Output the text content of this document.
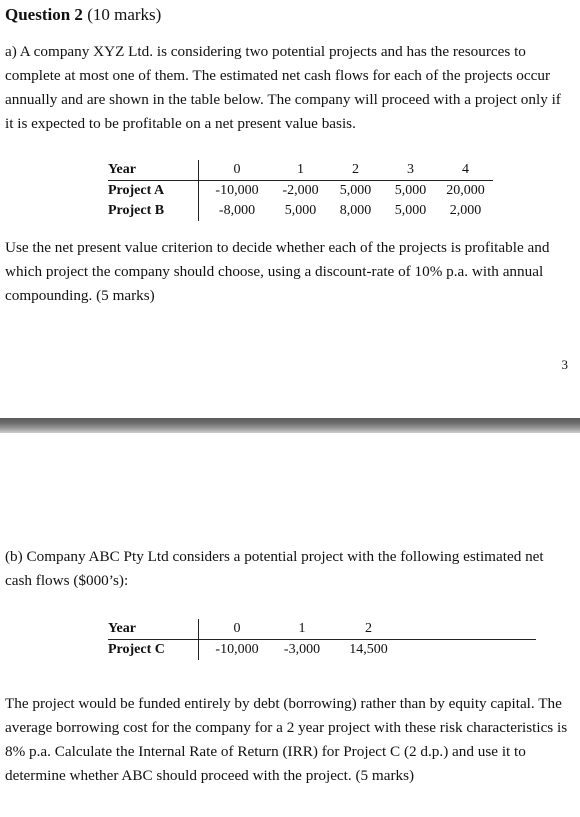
Question 2 (10 marks)

a) A company XYZ Ltd. is considering two potential projects and has the resources to complete at most one of them. The estimated net cash flows for each of the projects occur annually and are shown in the table below. The company will proceed with a project only if it is expected to be profitable on a net present value basis.

Year	0	1	2	3	4
Project A	-10,000	-2,000	5,000	5,000	20,000
Project B	-8,000	5,000	8,000	5,000	2,000

Use the net present value criterion to decide whether each of the projects is profitable and which project the company should choose, using a discount-rate of 10% p.a. with annual compounding. (5 marks)

3

(b) Company ABC Pty Ltd considers a potential project with the following estimated net cash flows ($000’s):

Year	0	1	2	
Project C	-10,000	-3,000	14,500	

The project would be funded entirely by debt (borrowing) rather than by equity capital. The average borrowing cost for the company for a 2 year project with these risk characteristics is 8% p.a. Calculate the Internal Rate of Return (IRR) for Project C (2 d.p.) and use it to determine whether ABC should proceed with the project. (5 marks)
